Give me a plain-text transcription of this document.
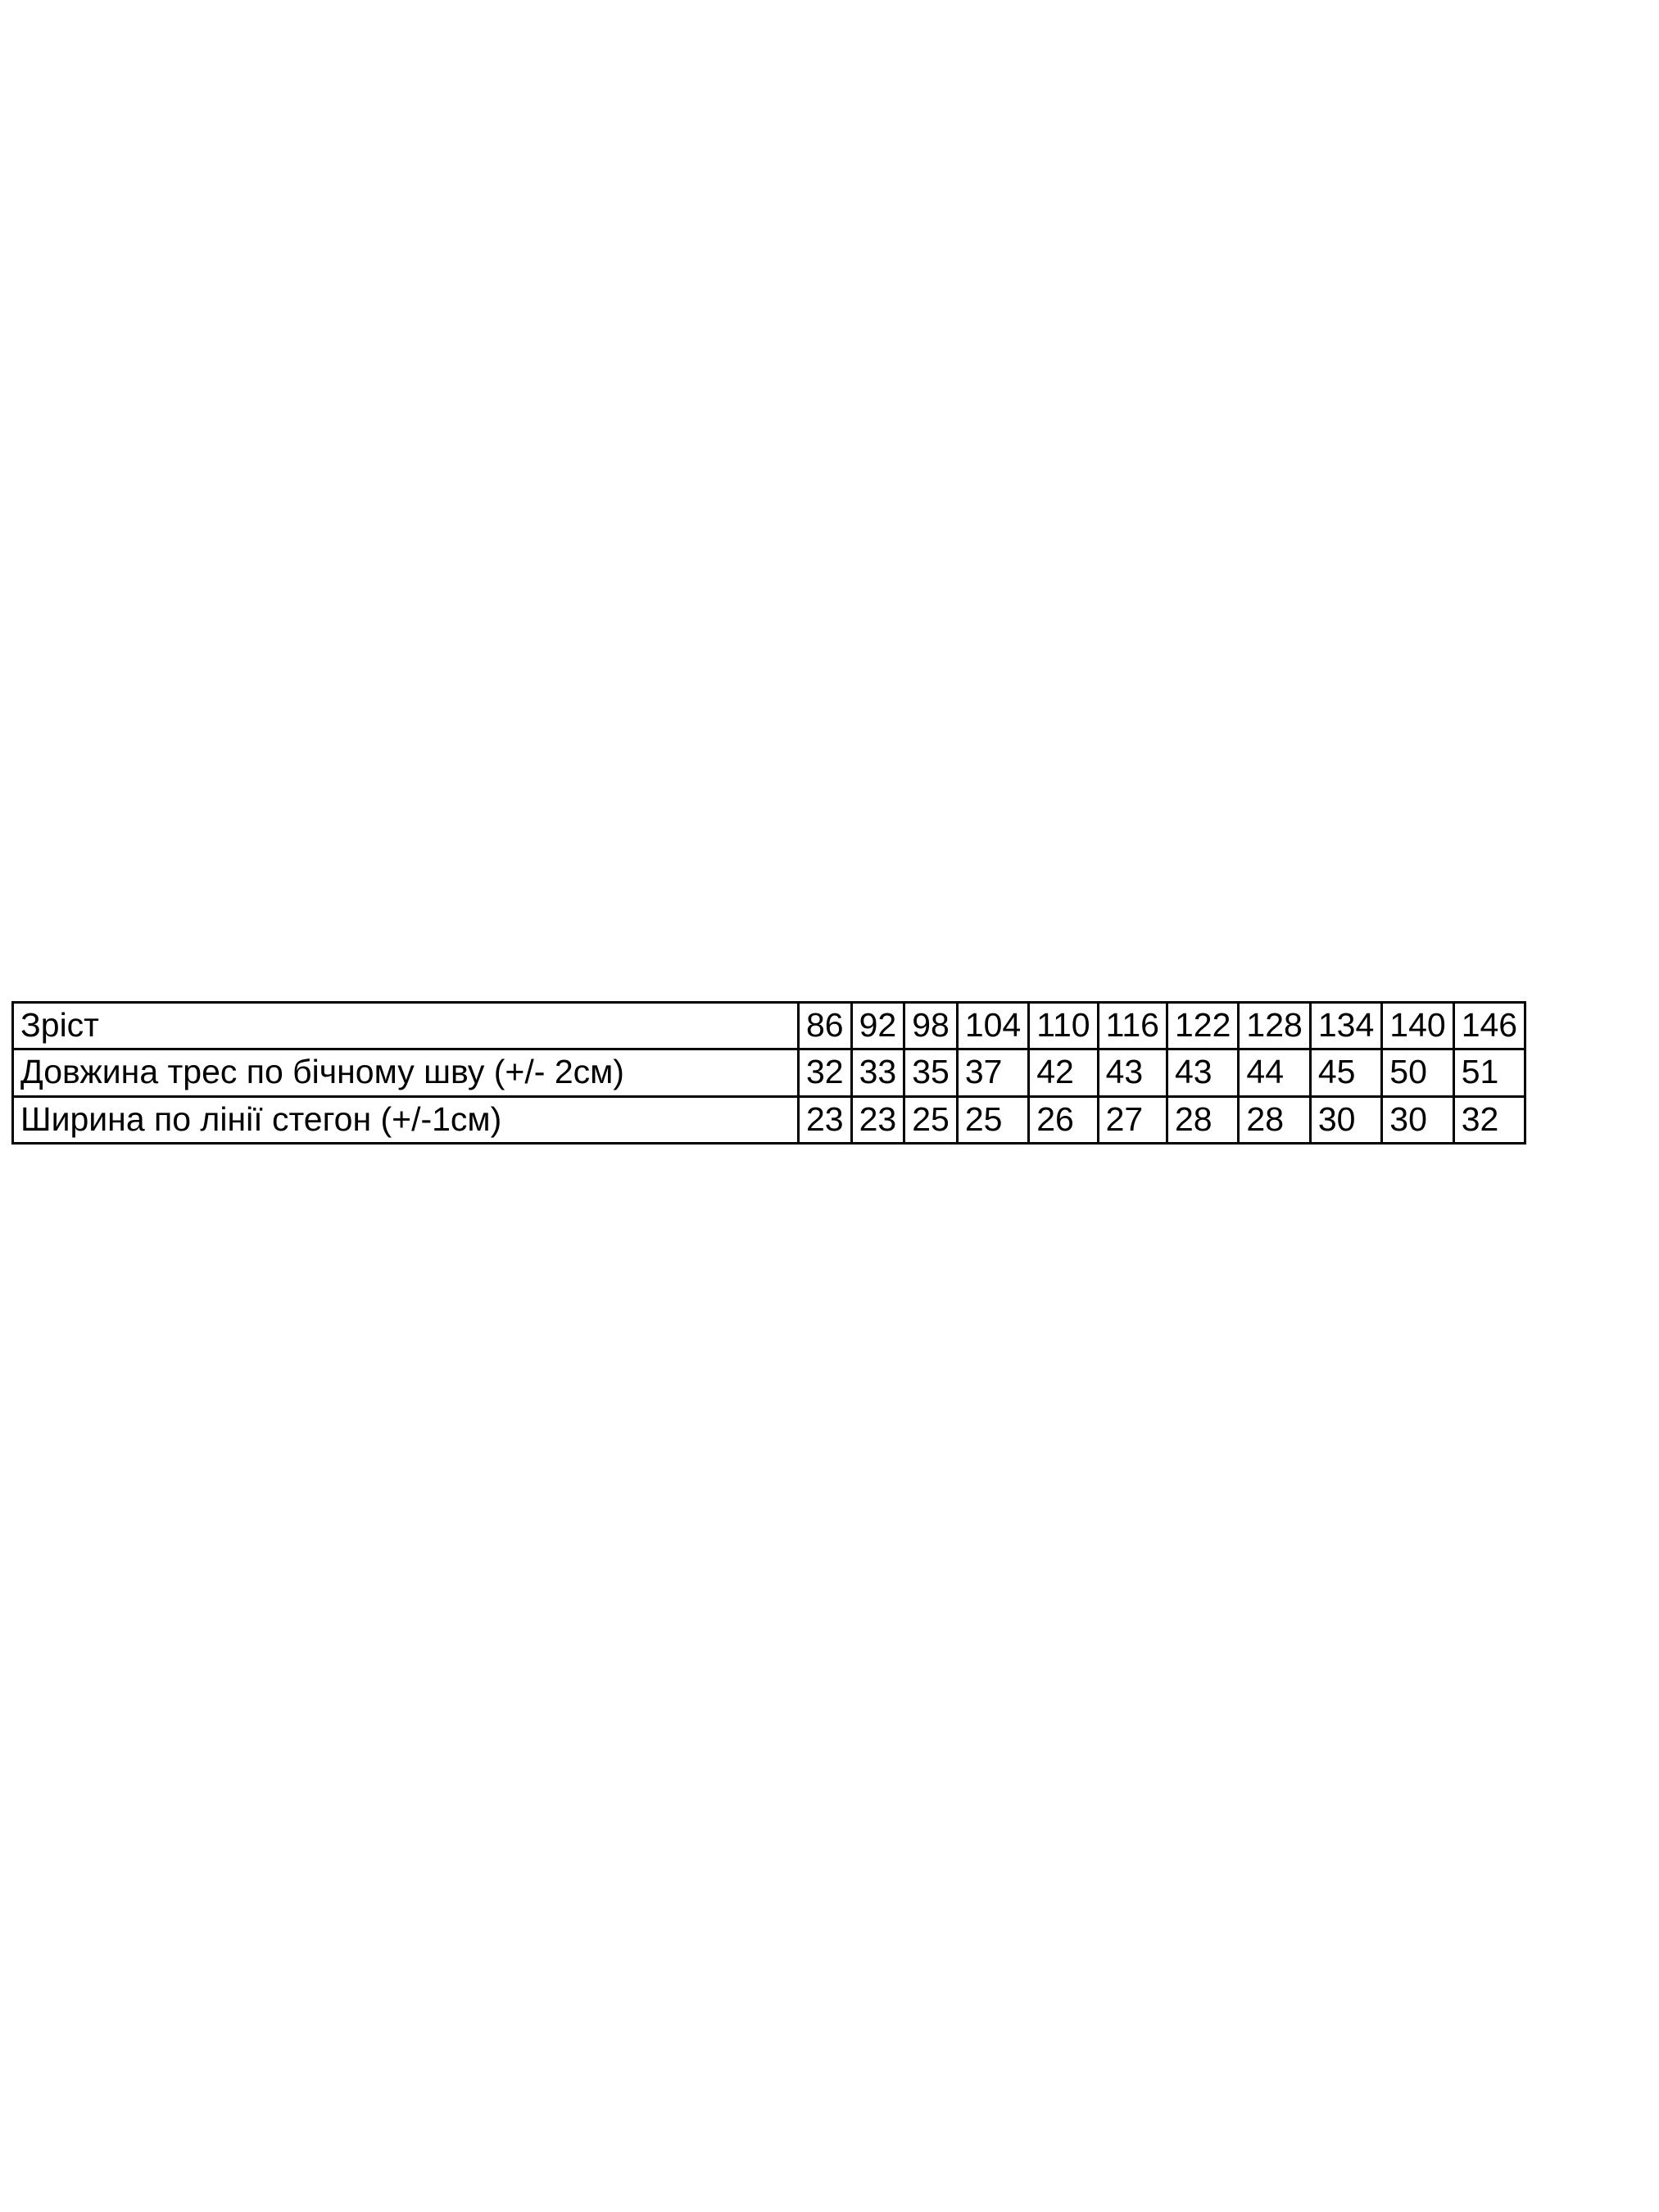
Зріст	86	92	98	104	110	116	122	128	134	140	146
Довжина трес по бічному шву (+/- 2см)	32	33	35	37	42	43	43	44	45	50	51
Ширина по лінії стегон (+/-1см)	23	23	25	25	26	27	28	28	30	30	32
